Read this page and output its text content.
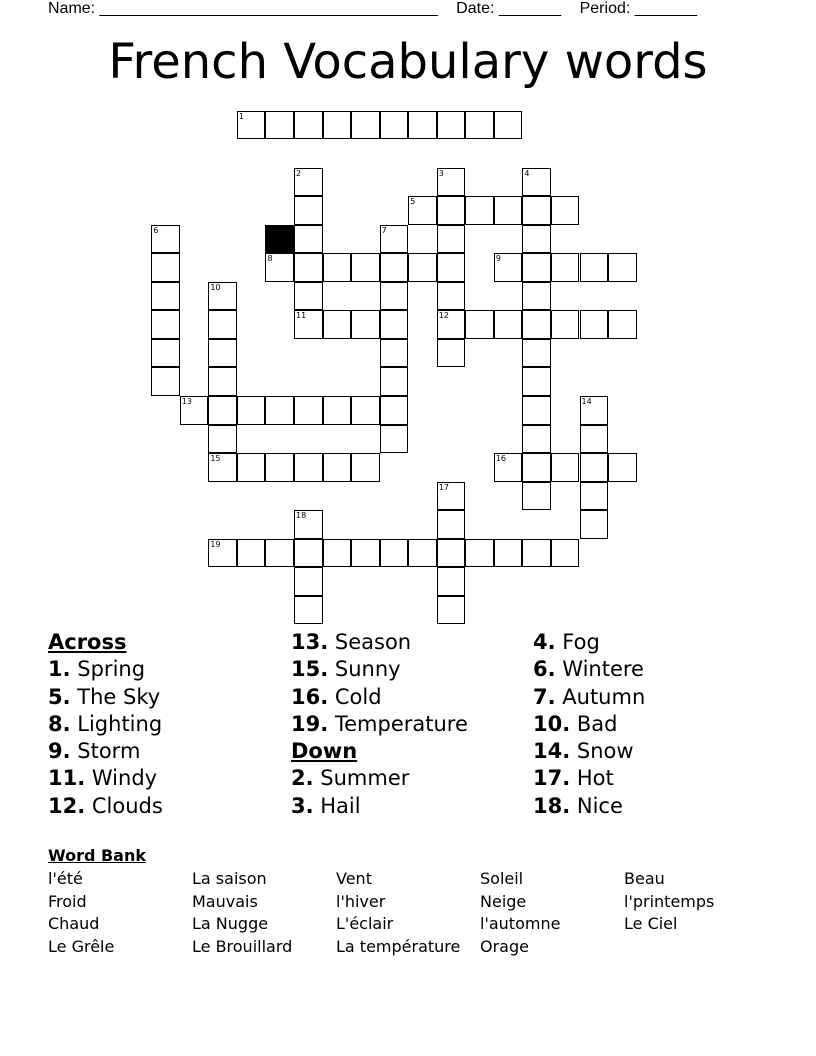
Name: ______________________________________ Date: _______ Period: _______
French Vocabulary words
1
2	3	4
5
6	7
8	9
10
11	12
13	14
15	16
17
18
19
Across
1. Spring
5. The Sky
8. Lighting
9. Storm
11. Windy
12. Clouds
13. Season
15. Sunny
16. Cold
19. Temperature
Down
2. Summer
3. Hail
4. Fog
6. Wintere
7. Autumn
10. Bad
14. Snow
17. Hot
18. Nice
Word Bank
l'été
Froid
Chaud
Le Grêle
La saison
Mauvais
La Nugge
Le Brouillard
Vent
l'hiver
L'éclair
La température
Soleil
Neige
l'automne
Orage
Beau
l'printemps
Le Ciel
